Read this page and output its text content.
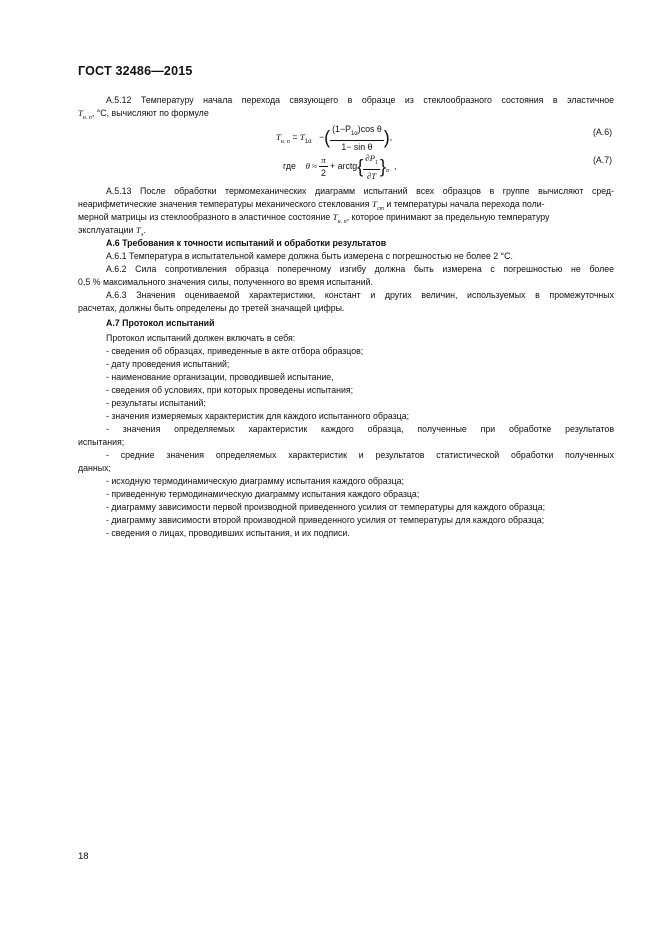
ГОСТ 32486—2015
А.5.12 Температуру начала перехода связующего в образце из стеклообразного состояния в эластичное
$T_{н. п}$, °С, вычисляют по формуле
$T_{н. п} = T_{1\alpha}$ −( $\frac{(1-P_{1\alpha})\cos \theta}{\text{1− sin θ}}$ ),
(А.6)
где $\theta \approx \frac{\pi}{2}$ + arctg{ $\frac{\partial P_1}{\partial T} \}_\alpha$ ,
(А.7)
А.5.13 После обработки термомеханических диаграмм испытаний всех образцов в группе вычисляют сред-
неарифметические значения температуры механического стеклования $T_{ст}$ и температуры начала перехода поли-
мерной матрицы из стеклообразного в эластичное состояние $T_{н. п}$, которое принимают за предельную температуру
эксплуатации $T_э$.
А.6 Требования к точности испытаний и обработки результатов
А.6.1 Температура в испытательной камере должна быть измерена с погрешностью не более 2 °С.
А.6.2 Сила сопротивления образца поперечному изгибу должна быть измерена с погрешностью не более
0,5 % максимального значения силы, полученного во время испытаний.
А.6.3 Значения оцениваемой характеристики, констант и других величин, используемых в промежуточных
расчетах, должны быть определены до третей значащей цифры.
А.7 Протокол испытаний
Протокол испытаний должен включать в себя:
- сведения об образцах, приведенные в акте отбора образцов;
- дату проведения испытаний;
- наименование организации, проводившей испытание,
- сведения об условиях, при которых проведены испытания;
- результаты испытаний;
- значения измеряемых характеристик для каждого испытанного образца;
- значения определяемых характеристик каждого образца, полученные при обработке результатов
испытания;
- средние значения определяемых характеристик и результатов статистической обработки полученных
данных;
- исходную термодинамическую диаграмму испытания каждого образца;
- приведенную термодинамическую диаграмму испытания каждого образца;
- диаграмму зависимости первой производной приведенного усилия от температуры для каждого образца;
- диаграмму зависимости второй производной приведенного усилия от температуры для каждого образца;
- сведения о лицах, проводивших испытания, и их подписи.
18
